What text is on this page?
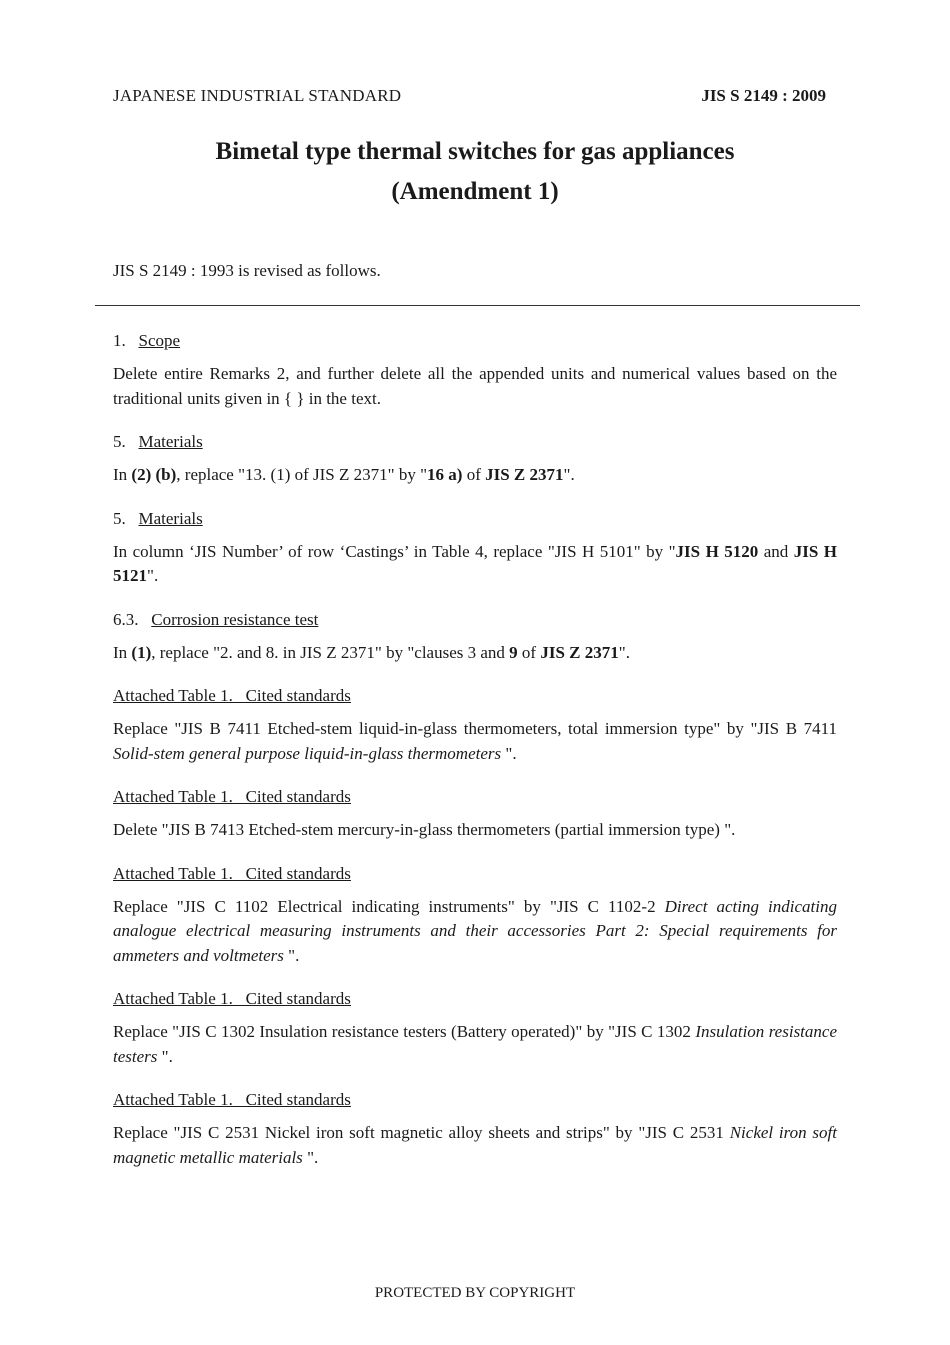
JAPANESE INDUSTRIAL STANDARD	JIS S 2149 : 2009
Bimetal type thermal switches for gas appliances
(Amendment 1)
JIS S 2149 : 1993 is revised as follows.
1. Scope
Delete entire Remarks 2, and further delete all the appended units and numerical values based on the traditional units given in { } in the text.
5. Materials
In (2) (b), replace "13. (1) of JIS Z 2371" by "16 a) of JIS Z 2371".
5. Materials
In column ‘JIS Number’ of row ‘Castings’ in Table 4, replace "JIS H 5101" by "JIS H 5120 and JIS H 5121".
6.3. Corrosion resistance test
In (1), replace "2. and 8. in JIS Z 2371" by "clauses 3 and 9 of JIS Z 2371".
Attached Table 1. Cited standards
Replace "JIS B 7411 Etched-stem liquid-in-glass thermometers, total immersion type" by "JIS B 7411 Solid-stem general purpose liquid-in-glass thermometers ".
Attached Table 1. Cited standards
Delete "JIS B 7413 Etched-stem mercury-in-glass thermometers (partial immersion type) ".
Attached Table 1. Cited standards
Replace "JIS C 1102 Electrical indicating instruments" by "JIS C 1102-2 Direct acting indicating analogue electrical measuring instruments and their accessories Part 2: Special requirements for ammeters and voltmeters ".
Attached Table 1. Cited standards
Replace "JIS C 1302 Insulation resistance testers (Battery operated)" by "JIS C 1302 Insulation resistance testers ".
Attached Table 1. Cited standards
Replace "JIS C 2531 Nickel iron soft magnetic alloy sheets and strips" by "JIS C 2531 Nickel iron soft magnetic metallic materials ".
PROTECTED BY COPYRIGHT
